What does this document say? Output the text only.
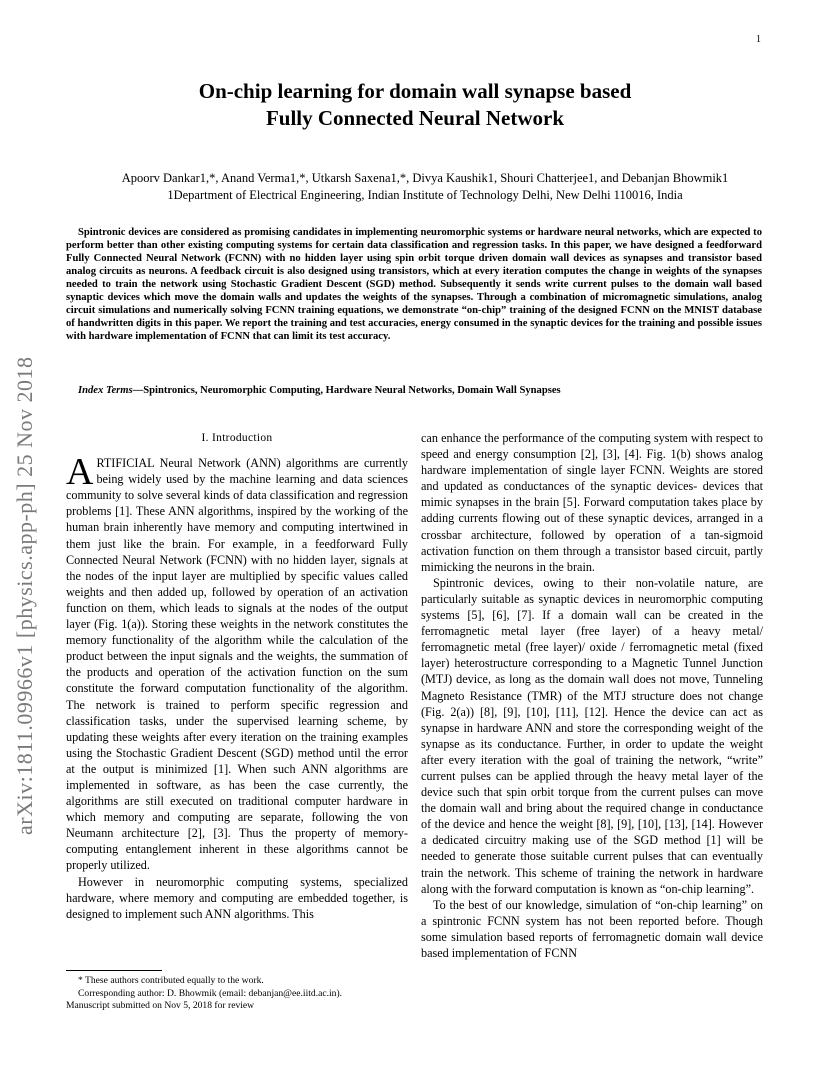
1
arXiv:1811.09966v1 [physics.app-ph] 25 Nov 2018
On-chip learning for domain wall synapse based
Fully Connected Neural Network
Apoorv Dankar1,*, Anand Verma1,*, Utkarsh Saxena1,*, Divya Kaushik1, Shouri Chatterjee1, and Debanjan Bhowmik1
1Department of Electrical Engineering, Indian Institute of Technology Delhi, New Delhi 110016, India

Spintronic devices are considered as promising candidates in implementing neuromorphic systems or hardware neural networks, which are expected to perform better than other existing computing systems for certain data classification and regression tasks. In this paper, we have designed a feedforward Fully Connected Neural Network (FCNN) with no hidden layer using spin orbit torque driven domain wall devices as synapses and transistor based analog circuits as neurons. A feedback circuit is also designed using transistors, which at every iteration computes the change in weights of the synapses needed to train the network using Stochastic Gradient Descent (SGD) method. Subsequently it sends write current pulses to the domain wall based synaptic devices which move the domain walls and updates the weights of the synapses. Through a combination of micromagnetic simulations, analog circuit simulations and numerically solving FCNN training equations, we demonstrate “on-chip” training of the designed FCNN on the MNIST database of handwritten digits in this paper. We report the training and test accuracies, energy consumed in the synaptic devices for the training and possible issues with hardware implementation of FCNN that can limit its test accuracy.

Index Terms—Spintronics, Neuromorphic Computing, Hardware Neural Networks, Domain Wall Synapses
I. Introduction

ARTIFICIAL Neural Network (ANN) algorithms are currently being widely used by the machine learning and data sciences community to solve several kinds of data classification and regression problems [1]. These ANN algorithms, inspired by the working of the human brain inherently have memory and computing intertwined in them just like the brain. For example, in a feedforward Fully Connected Neural Network (FCNN) with no hidden layer, signals at the nodes of the input layer are multiplied by specific values called weights and then added up, followed by operation of an activation function on them, which leads to signals at the nodes of the output layer (Fig. 1(a)). Storing these weights in the network constitutes the memory functionality of the algorithm while the calculation of the product between the input signals and the weights, the summation of the products and operation of the activation function on the sum constitute the forward computation functionality of the algorithm. The network is trained to perform specific regression and classification tasks, under the supervised learning scheme, by updating these weights after every iteration on the training examples using the Stochastic Gradient Descent (SGD) method until the error at the output is minimized [1]. When such ANN algorithms are implemented in software, as has been the case currently, the algorithms are still executed on traditional computer hardware in which memory and computing are separate, following the von Neumann architecture [2], [3]. Thus the property of memory-computing entanglement inherent in these algorithms cannot be properly utilized.

However in neuromorphic computing systems, specialized hardware, where memory and computing are embedded together, is designed to implement such ANN algorithms. This

can enhance the performance of the computing system with respect to speed and energy consumption [2], [3], [4]. Fig. 1(b) shows analog hardware implementation of single layer FCNN. Weights are stored and updated as conductances of the synaptic devices- devices that mimic synapses in the brain [5]. Forward computation takes place by adding currents flowing out of these synaptic devices, arranged in a crossbar architecture, followed by operation of a tan-sigmoid activation function on them through a transistor based circuit, partly mimicking the neurons in the brain.

Spintronic devices, owing to their non-volatile nature, are particularly suitable as synaptic devices in neuromorphic computing systems [5], [6], [7]. If a domain wall can be created in the ferromagnetic metal layer (free layer) of a heavy metal/ ferromagnetic metal (free layer)/ oxide / ferromagnetic metal (fixed layer) heterostructure corresponding to a Magnetic Tunnel Junction (MTJ) device, as long as the domain wall does not move, Tunneling Magneto Resistance (TMR) of the MTJ structure does not change (Fig. 2(a)) [8], [9], [10], [11], [12]. Hence the device can act as synapse in hardware ANN and store the corresponding weight of the synapse as its conductance. Further, in order to update the weight after every iteration with the goal of training the network, “write” current pulses can be applied through the heavy metal layer of the device such that spin orbit torque from the current pulses can move the domain wall and bring about the required change in conductance of the device and hence the weight [8], [9], [10], [13], [14]. However a dedicated circuitry making use of the SGD method [1] will be needed to generate those suitable current pulses that can eventually train the network. This scheme of training the network in hardware along with the forward computation is known as “on-chip learning”.

To the best of our knowledge, simulation of “on-chip learning” on a spintronic FCNN system has not been reported before. Though some simulation based reports of ferromagnetic domain wall device based implementation of FCNN

* These authors contributed equally to the work.

Corresponding author: D. Bhowmik (email: debanjan@ee.iitd.ac.in).

Manuscript submitted on Nov 5, 2018 for review
